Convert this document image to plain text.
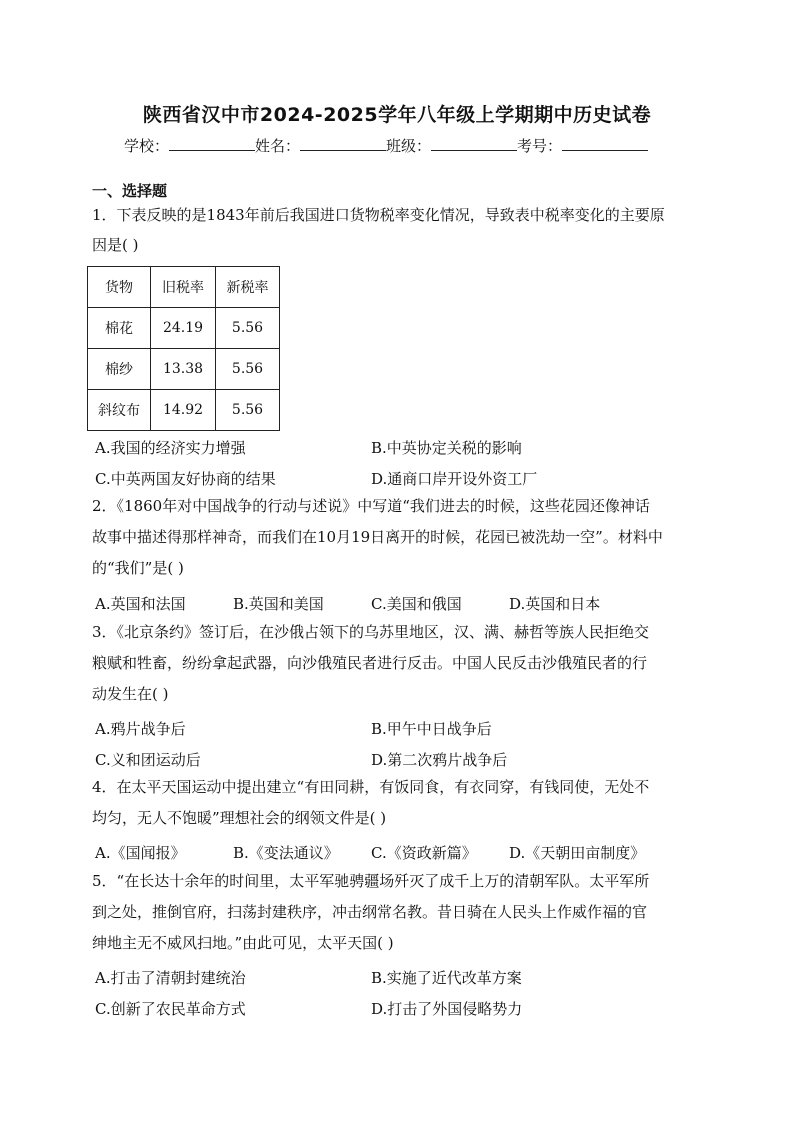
陕西省汉中市2024-2025学年八年级上学期期中历史试卷
学校：	姓名：	班级：	考号：
一、选择题
1．下表反映的是1843年前后我国进口货物税率变化情况，导致表中税率变化的主要原
因是( )
货物	旧税率	新税率
棉花	24.19	5.56
棉纱	13.38	5.56
斜纹布	14.92	5.56
A.我国的经济实力增强	B.中英协定关税的影响
C.中英两国友好协商的结果	D.通商口岸开设外资工厂
2．《1860年对中国战争的行动与述说》中写道“我们进去的时候，这些花园还像神话
故事中描述得那样神奇，而我们在10月19日离开的时候，花园已被洗劫一空”。材料中
的“我们”是( )
A.英国和法国	B.英国和美国	C.美国和俄国	D.英国和日本
3．《北京条约》签订后，在沙俄占领下的乌苏里地区，汉、满、赫哲等族人民拒绝交
粮赋和牲畜，纷纷拿起武器，向沙俄殖民者进行反击。中国人民反击沙俄殖民者的行
动发生在( )
A.鸦片战争后	B.甲午中日战争后
C.义和团运动后	D.第二次鸦片战争后
4．在太平天国运动中提出建立“有田同耕，有饭同食，有衣同穿，有钱同使，无处不
均匀，无人不饱暖”理想社会的纲领文件是( )
A.《国闻报》	B.《变法通议》 C.《资政新篇》 D.《天朝田亩制度》
5．“在长达十余年的时间里，太平军驰骋疆场歼灭了成千上万的清朝军队。太平军所
到之处，推倒官府，扫荡封建秩序，冲击纲常名教。昔日骑在人民头上作威作福的官
绅地主无不威风扫地。”由此可见，太平天国( )
A.打击了清朝封建统治	B.实施了近代改革方案
C.创新了农民革命方式	D.打击了外国侵略势力
